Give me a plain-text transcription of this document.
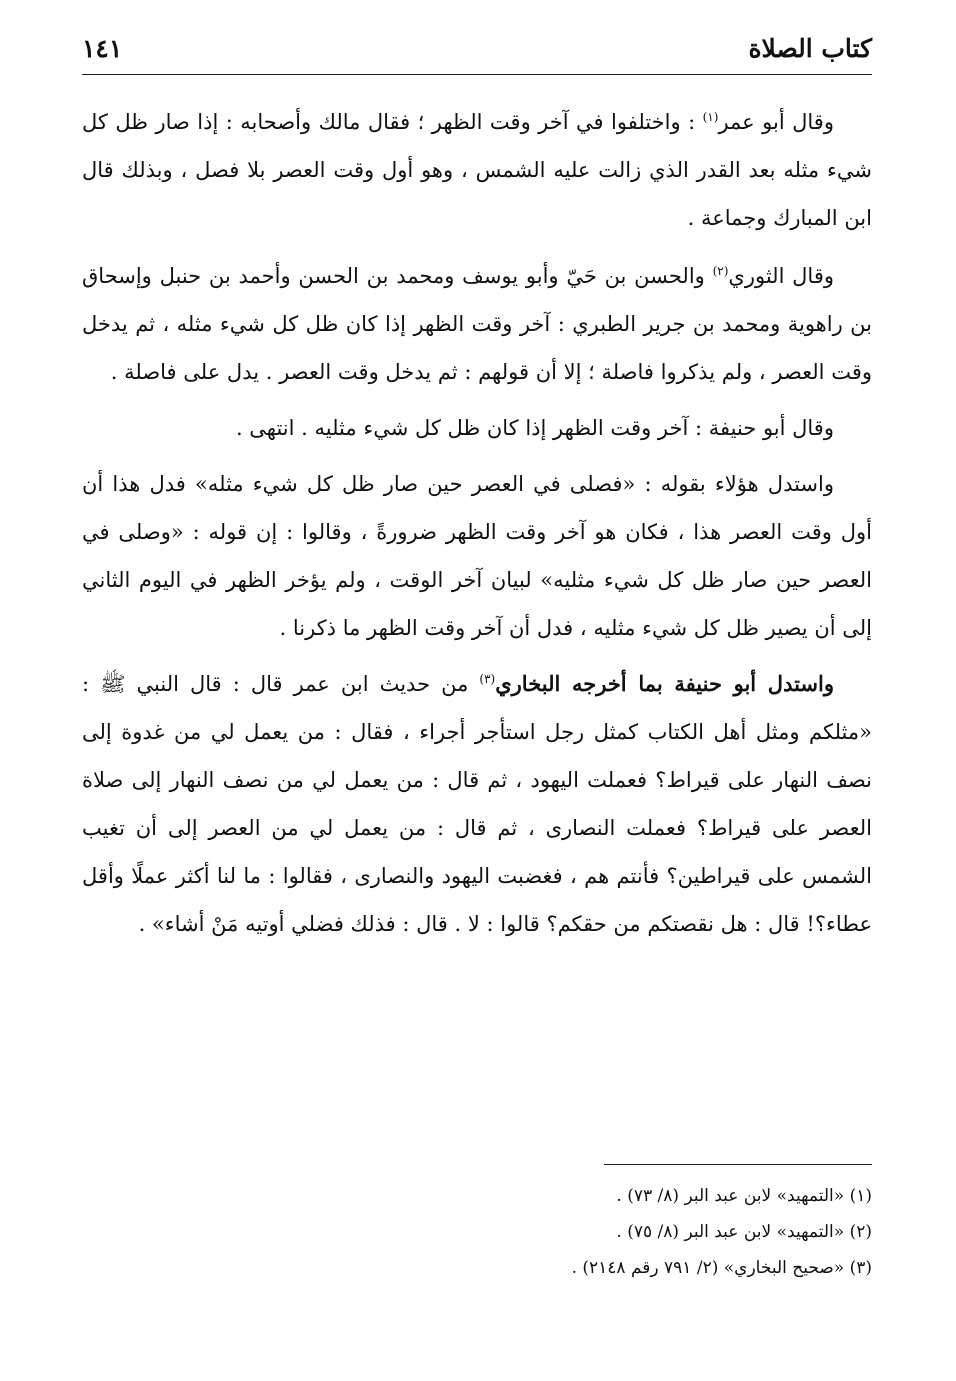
كتاب الصلاة
١٤١

وقال أبو عمر$^{(١)}$ : واختلفوا في آخر وقت الظهر ؛ فقال مالك وأصحابه : إذا صار ظل كل شيء مثله بعد القدر الذي زالت عليه الشمس ، وهو أول وقت العصر بلا فصل ، وبذلك قال ابن المبارك وجماعة .

وقال الثوري$^{(٢)}$ والحسن بن حَيّ وأبو يوسف ومحمد بن الحسن وأحمد بن حنبل وإسحاق بن راهوية ومحمد بن جرير الطبري : آخر وقت الظهر إذا كان ظل كل شيء مثله ، ثم يدخل وقت العصر ، ولم يذكروا فاصلة ؛ إلا أن قولهم : ثم يدخل وقت العصر . يدل على فاصلة .

وقال أبو حنيفة : آخر وقت الظهر إذا كان ظل كل شيء مثليه . انتهى .

واستدل هؤلاء بقوله : «فصلى في العصر حين صار ظل كل شيء مثله» فدل هذا أن أول وقت العصر هذا ، فكان هو آخر وقت الظهر ضرورةً ، وقالوا : إن قوله : «وصلى في العصر حين صار ظل كل شيء مثليه» لبيان آخر الوقت ، ولم يؤخر الظهر في اليوم الثاني إلى أن يصير ظل كل شيء مثليه ، فدل أن آخر وقت الظهر ما ذكرنا .

واستدل أبو حنيفة بما أخرجه البخاري$^{(٣)}$ من حديث ابن عمر قال : قال النبي ﷺ : «مثلكم ومثل أهل الكتاب كمثل رجل استأجر أجراء ، فقال : من يعمل لي من غدوة إلى نصف النهار على قيراط؟ فعملت اليهود ، ثم قال : من يعمل لي من نصف النهار إلى صلاة العصر على قيراط؟ فعملت النصارى ، ثم قال : من يعمل لي من العصر إلى أن تغيب الشمس على قيراطين؟ فأنتم هم ، فغضبت اليهود والنصارى ، فقالوا : ما لنا أكثر عملًا وأقل عطاء؟! قال : هل نقصتكم من حقكم؟ قالوا : لا . قال : فذلك فضلي أوتيه مَنْ أشاء» .

(١) «التمهيد» لابن عبد البر (٨/ ٧٣) .
(٢) «التمهيد» لابن عبد البر (٨/ ٧٥) .
(٣) «صحيح البخاري» (٢/ ٧٩١ رقم ٢١٤٨) .
